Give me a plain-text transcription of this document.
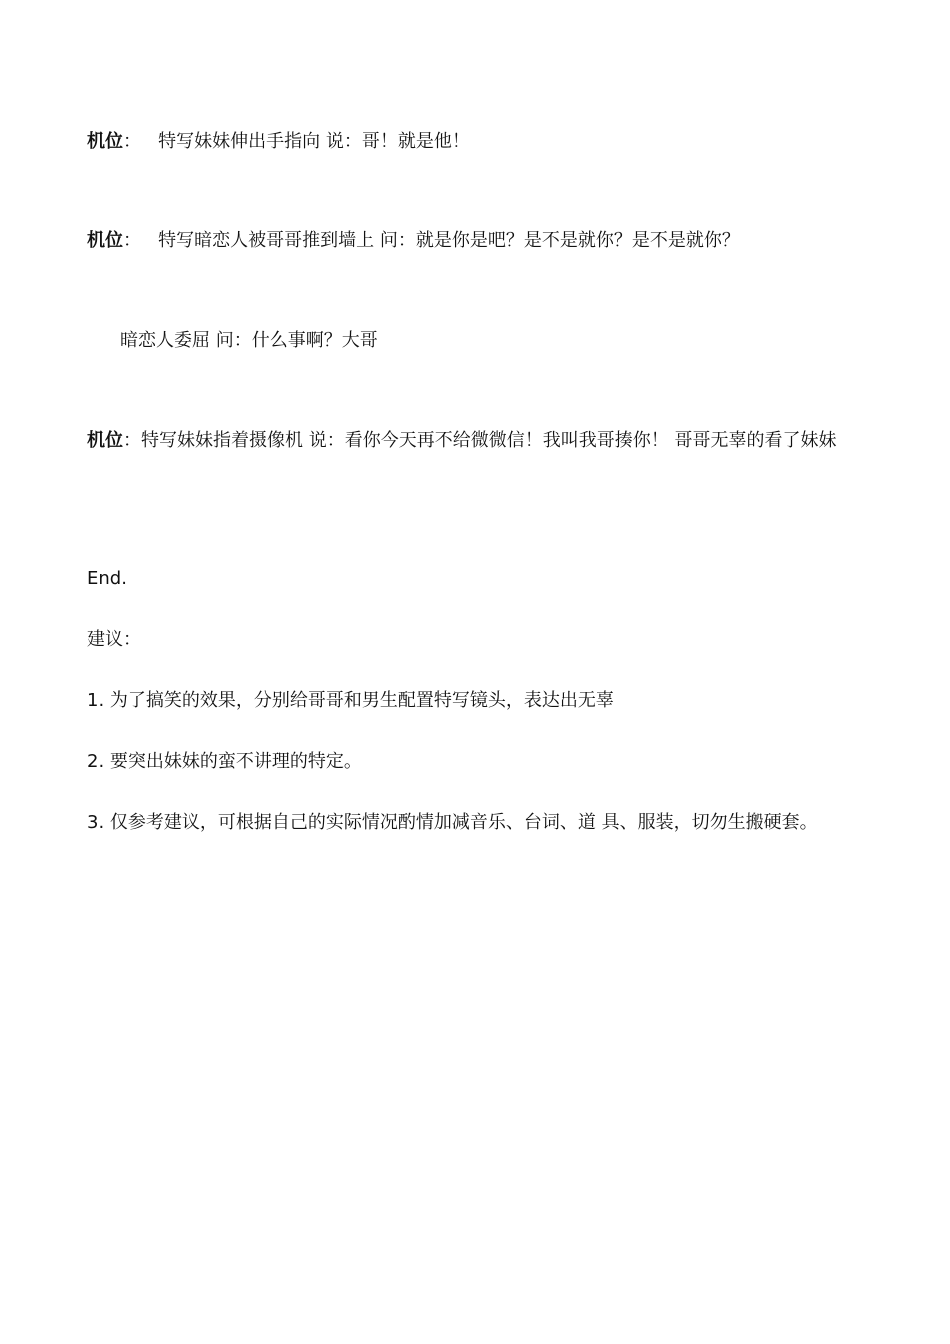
机位： 特写妹妹伸出手指向 说：哥！就是他！
机位： 特写暗恋人被哥哥推到墙上 问：就是你是吧？是不是就你？是不是就你？
暗恋人委屈 问：什么事啊？大哥
机位：特写妹妹指着摄像机 说：看你今天再不给微微信！我叫我哥揍你！ 哥哥无辜的看了妹妹
End.
建议：
1. 为了搞笑的效果，分别给哥哥和男生配置特写镜头，表达出无辜
2. 要突出妹妹的蛮不讲理的特定。
3. 仅参考建议，可根据自己的实际情况酌情加减音乐、台词、道 具、服装，切勿生搬硬套。
